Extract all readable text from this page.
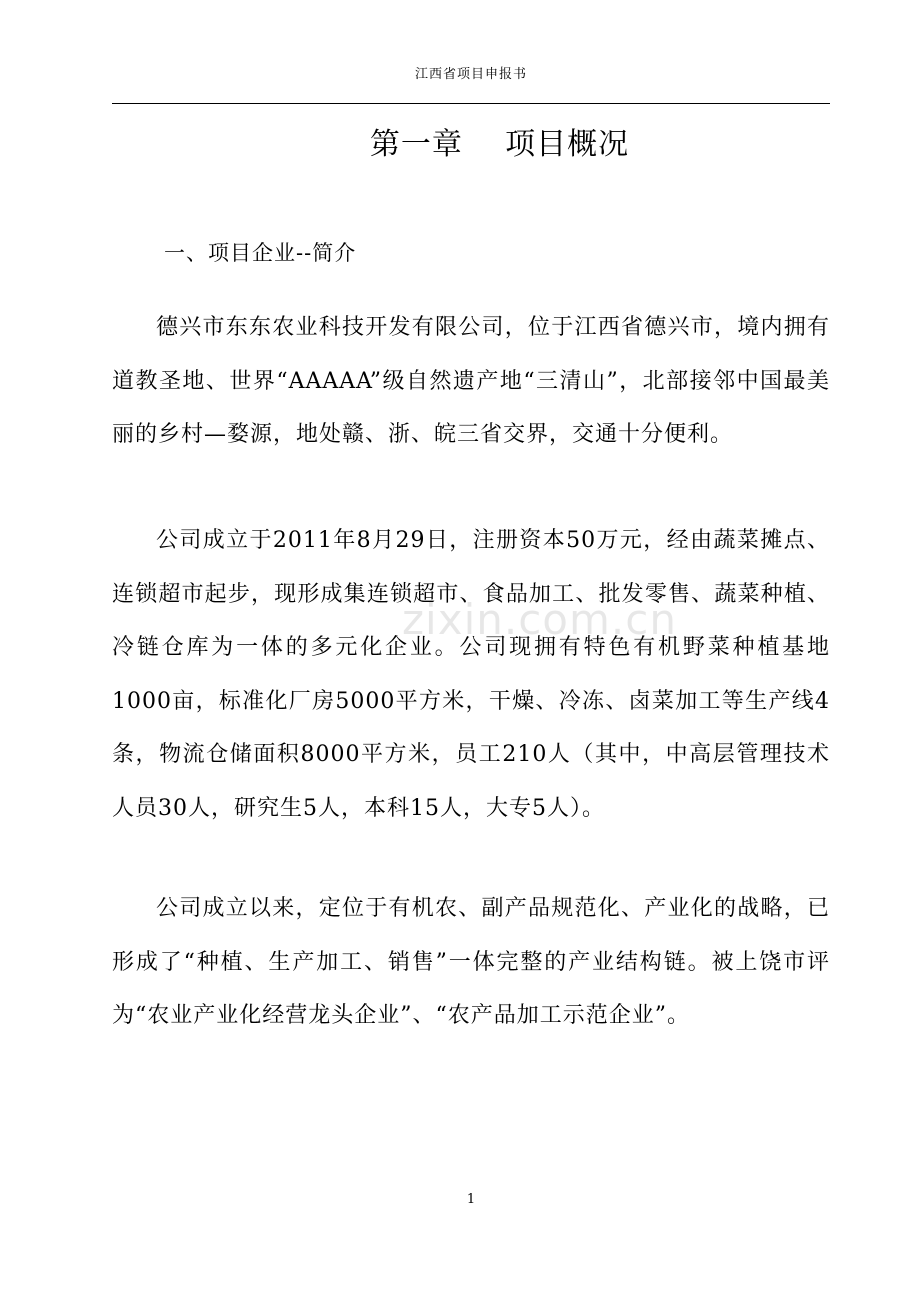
江西省项目申报书
第一章    项目概况
一、项目企业--简介

德兴市东东农业科技开发有限公司，位于江西省德兴市，境内拥有道教圣地、世界“AAAAA”级自然遗产地“三清山”，北部接邻中国最美丽的乡村—婺源，地处赣、浙、皖三省交界，交通十分便利。

公司成立于2011年8月29日，注册资本50万元，经由蔬菜摊点、连锁超市起步，现形成集连锁超市、食品加工、批发零售、蔬菜种植、冷链仓库为一体的多元化企业。公司现拥有特色有机野菜种植基地1000亩，标准化厂房5000平方米，干燥、冷冻、卤菜加工等生产线4条，物流仓储面积8000平方米，员工210人（其中，中高层管理技术人员30人，研究生5人，本科15人，大专5人）。

公司成立以来，定位于有机农、副产品规范化、产业化的战略，已形成了“种植、生产加工、销售”一体完整的产业结构链。被上饶市评为“农业产业化经营龙头企业”、“农产品加工示范企业”。

zixin.com.cn
1
